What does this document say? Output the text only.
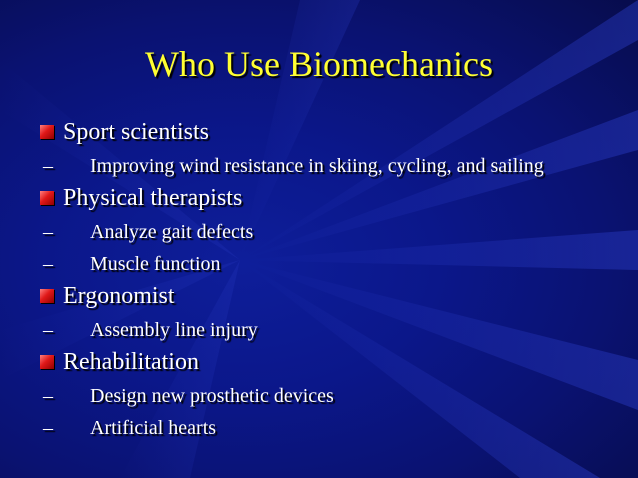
Who Use Biomechanics
Sport scientists
– Improving wind resistance in skiing, cycling, and sailing
Physical therapists
– Analyze gait defects
– Muscle function
Ergonomist
– Assembly line injury
Rehabilitation
– Design new prosthetic devices
– Artificial hearts
